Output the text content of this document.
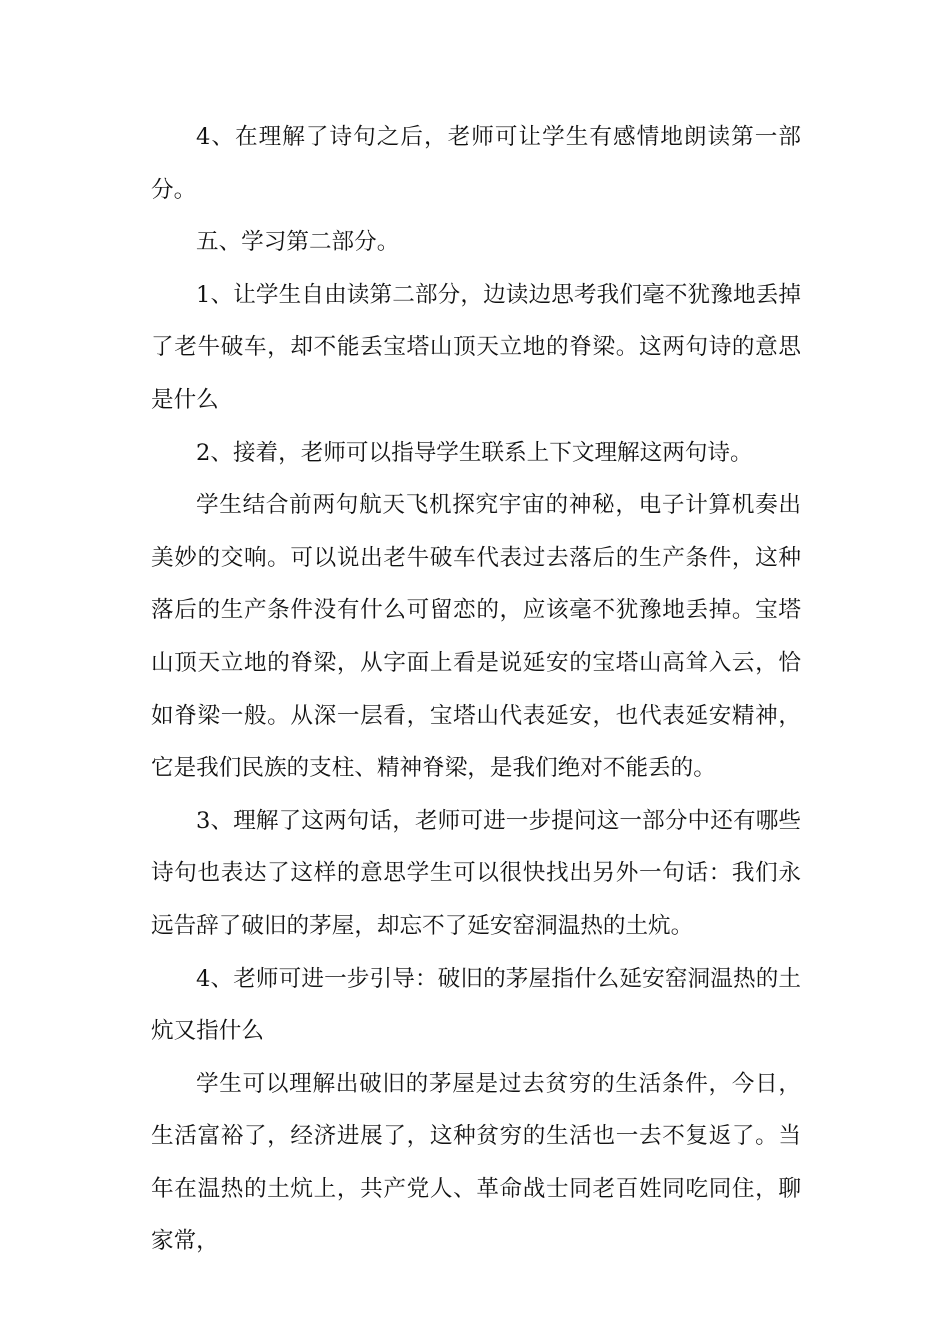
4、在理解了诗句之后，老师可让学生有感情地朗读第一部分。

五、学习第二部分。

1、让学生自由读第二部分，边读边思考我们毫不犹豫地丢掉了老牛破车，却不能丢宝塔山顶天立地的脊梁。这两句诗的意思是什么

2、接着，老师可以指导学生联系上下文理解这两句诗。

学生结合前两句航天飞机探究宇宙的神秘，电子计算机奏出美妙的交响。可以说出老牛破车代表过去落后的生产条件，这种落后的生产条件没有什么可留恋的，应该毫不犹豫地丢掉。宝塔山顶天立地的脊梁，从字面上看是说延安的宝塔山高耸入云，恰如脊梁一般。从深一层看，宝塔山代表延安，也代表延安精神，它是我们民族的支柱、精神脊梁，是我们绝对不能丢的。

3、理解了这两句话，老师可进一步提问这一部分中还有哪些诗句也表达了这样的意思学生可以很快找出另外一句话：我们永远告辞了破旧的茅屋，却忘不了延安窑洞温热的土炕。

4、老师可进一步引导：破旧的茅屋指什么延安窑洞温热的土炕又指什么

学生可以理解出破旧的茅屋是过去贫穷的生活条件，今日，生活富裕了，经济进展了，这种贫穷的生活也一去不复返了。当年在温热的土炕上，共产党人、革命战士同老百姓同吃同住，聊家常，
